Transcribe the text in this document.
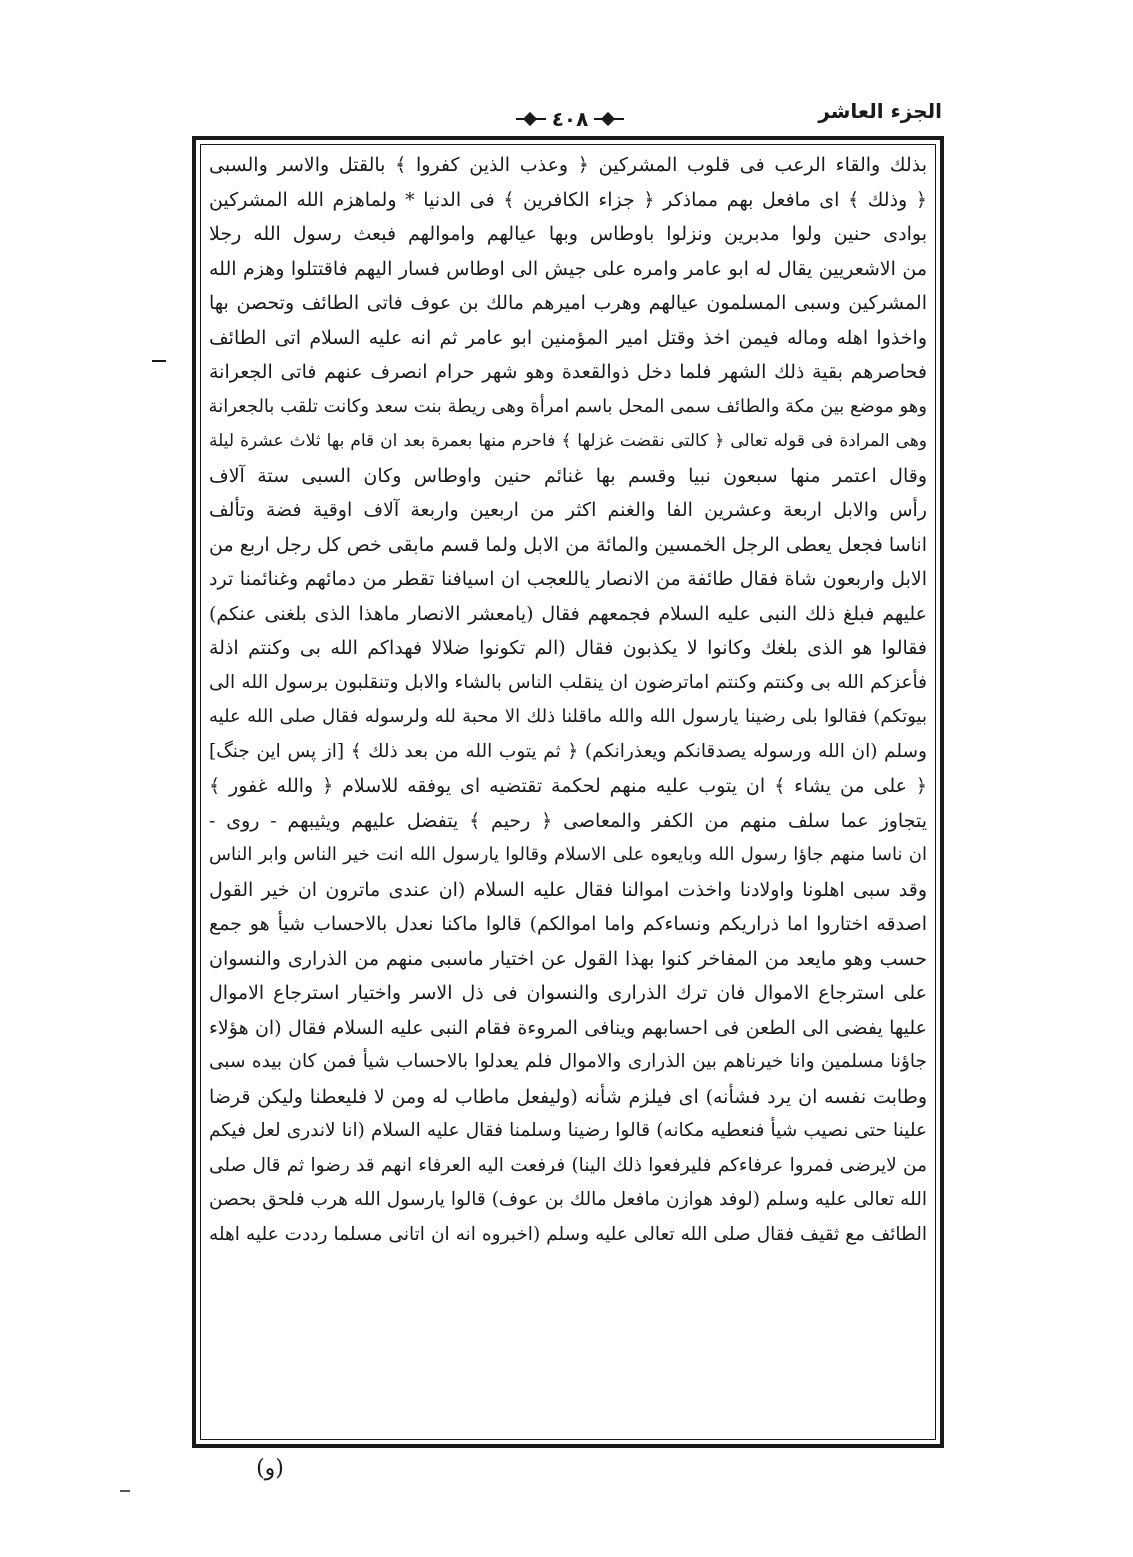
الجزء العاشر
٤٠٨
بذلك والقاء الرعب فى قلوب المشركين ﴿ وعذب الذين كفروا ﴾ بالقتل والاسر والسبى
﴿ وذلك ﴾ اى مافعل بهم مماذكر ﴿ جزاء الكافرين ﴾ فى الدنيا * ولماهزم الله المشركين
بوادى حنين ولوا مدبرين ونزلوا باوطاس وبها عيالهم واموالهم فبعث رسول الله رجلا
من الاشعريين يقال له ابو عامر وامره على جيش الى اوطاس فسار اليهم فاقتتلوا وهزم الله
المشركين وسبى المسلمون عيالهم وهرب اميرهم مالك بن عوف فاتى الطائف وتحصن بها
واخذوا اهله وماله فيمن اخذ وقتل امير المؤمنين ابو عامر ثم انه عليه السلام اتى الطائف
فحاصرهم بقية ذلك الشهر فلما دخل ذوالقعدة وهو شهر حرام انصرف عنهم فاتى الجعرانة
وهو موضع بين مكة والطائف سمى المحل باسم امرأة وهى ريطة بنت سعد وكانت تلقب بالجعرانة
وهى المرادة فى قوله تعالى ﴿ كالتى نقضت غزلها ﴾ فاحرم منها بعمرة بعد ان قام بها ثلاث عشرة ليلة
وقال اعتمر منها سبعون نبيا وقسم بها غنائم حنين واوطاس وكان السبى ستة آلاف
رأس والابل اربعة وعشرين الفا والغنم اكثر من اربعين واربعة آلاف اوقية فضة وتألف
اناسا فجعل يعطى الرجل الخمسين والمائة من الابل ولما قسم مابقى خص كل رجل اربع من
الابل واربعون شاة فقال طائفة من الانصار ياللعجب ان اسيافنا تقطر من دمائهم وغنائمنا ترد
عليهم فبلغ ذلك النبى عليه السلام فجمعهم فقال (يامعشر الانصار ماهذا الذى بلغنى عنكم)
فقالوا هو الذى بلغك وكانوا لا يكذبون فقال (الم تكونوا ضلالا فهداكم الله بى وكنتم اذلة
فأعزكم الله بى وكنتم وكنتم اماترضون ان ينقلب الناس بالشاء والابل وتنقلبون برسول الله الى
بيوتكم) فقالوا بلى رضينا يارسول الله والله ماقلنا ذلك الا محبة لله ولرسوله فقال صلى الله عليه
وسلم (ان الله ورسوله يصدقانكم ويعذرانكم) ﴿ ثم يتوب الله من بعد ذلك ﴾ [از پس اين جنگ]
﴿ على من يشاء ﴾ ان يتوب عليه منهم لحكمة تقتضيه اى يوفقه للاسلام ﴿ والله غفور ﴾
يتجاوز عما سلف منهم من الكفر والمعاصى ﴿ رحيم ﴾ يتفضل عليهم ويثيبهم - روى -
ان ناسا منهم جاؤا رسول الله وبايعوه على الاسلام وقالوا يارسول الله انت خير الناس وابر الناس
وقد سبى اهلونا واولادنا واخذت اموالنا فقال عليه السلام (ان عندى ماترون ان خير القول
اصدقه اختاروا اما ذراريكم ونساءكم واما اموالكم) قالوا ماكنا نعدل بالاحساب شيأ هو جمع
حسب وهو مايعد من المفاخر كنوا بهذا القول عن اختيار ماسبى منهم من الذرارى والنسوان
على استرجاع الاموال فان ترك الذرارى والنسوان فى ذل الاسر واختيار استرجاع الاموال
عليها يفضى الى الطعن فى احسابهم وينافى المروءة فقام النبى عليه السلام فقال (ان هؤلاء
جاؤنا مسلمين وانا خيرناهم بين الذرارى والاموال فلم يعدلوا بالاحساب شيأ فمن كان بيده سبى
وطابت نفسه ان يرد فشأنه) اى فيلزم شأنه (وليفعل ماطاب له ومن لا فليعطنا وليكن قرضا
علينا حتى نصيب شيأ فنعطيه مكانه) قالوا رضينا وسلمنا فقال عليه السلام (انا لاندرى لعل فيكم
من لايرضى فمروا عرفاءكم فليرفعوا ذلك الينا) فرفعت اليه العرفاء انهم قد رضوا ثم قال صلى
الله تعالى عليه وسلم (لوفد هوازن مافعل مالك بن عوف) قالوا يارسول الله هرب فلحق بحصن
الطائف مع ثقيف فقال صلى الله تعالى عليه وسلم (اخبروه انه ان اتانى مسلما رددت عليه اهله
(و)
